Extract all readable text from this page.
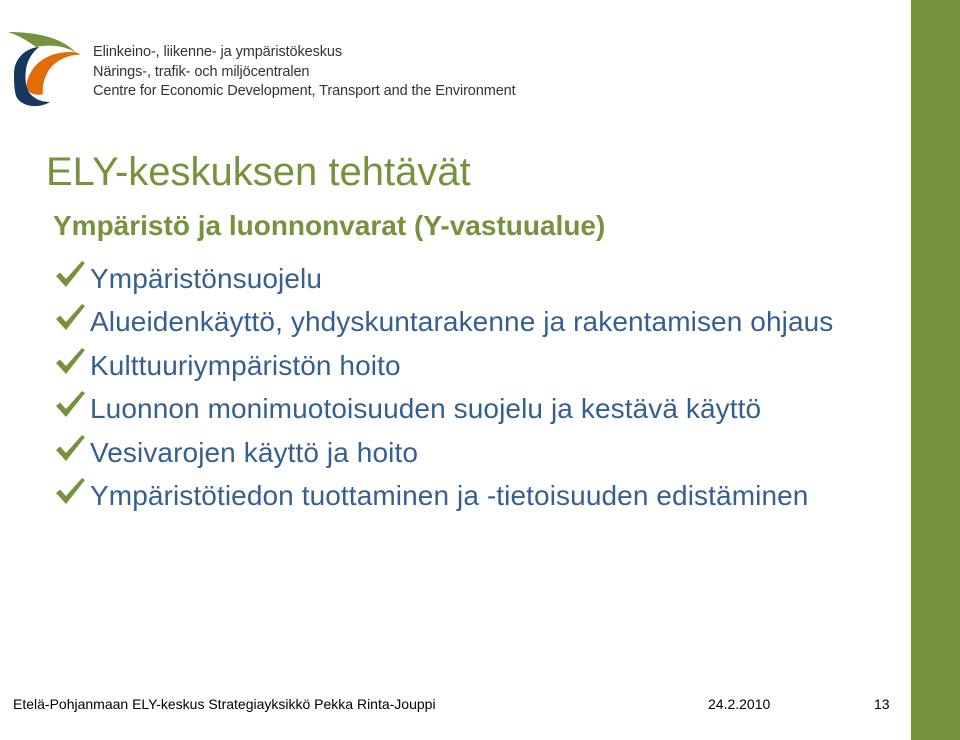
Elinkeino-, liikenne- ja ympäristökeskus
Närings-, trafik- och miljöcentralen
Centre for Economic Development, Transport and the Environment
ELY-keskuksen tehtävät
Ympäristö ja luonnonvarat (Y-vastuualue)
Ympäristönsuojelu
Alueidenkäyttö, yhdyskuntarakenne ja rakentamisen ohjaus
Kulttuuriympäristön hoito
Luonnon monimuotoisuuden suojelu ja kestävä käyttö
Vesivarojen käyttö ja hoito
Ympäristötiedon tuottaminen ja -tietoisuuden edistäminen
Etelä-Pohjanmaan ELY-keskus Strategiayksikkö Pekka Rinta-Jouppi	24.2.2010	13
